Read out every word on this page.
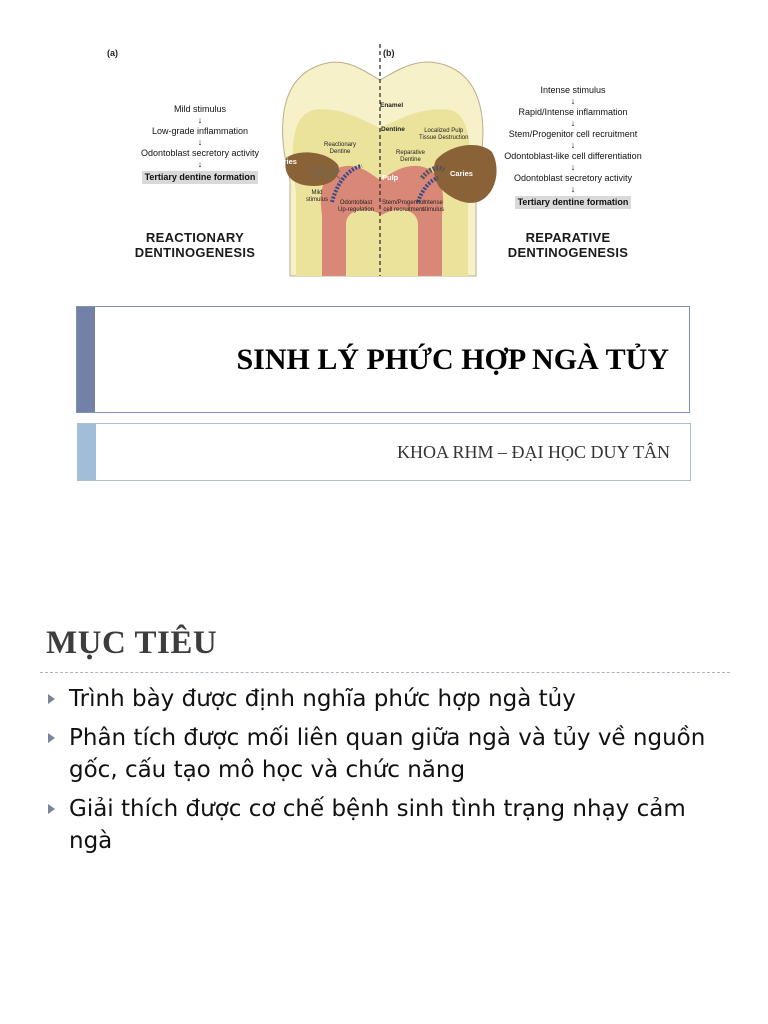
(a)	(b)
Mild stimulus
↓
Low-grade inflammation
↓
Odontoblast secretory activity
↓
Tertiary dentine formation
REACTIONARY
DENTINOGENESIS
Intense stimulus
↓
Rapid/Intense inflammation
↓
Stem/Progenitor cell recruitment
↓
Odontoblast-like cell differentiation
↓
Odontoblast secretory activity
↓
Tertiary dentine formation
REPARATIVE
DENTINOGENESIS
Enamel
Dentine
Pulp
Caries
Caries
Reactionary
Dentine
Localized Pulp
Tissue Destruction
Reparative
Dentine
Mild
stimulus	Odontoblast
Up-regulation
Stem/Progenitor
cell recruitment
Intense
stimulus
SINH LÝ PHỨC HỢP NGÀ TỦY
KHOA RHM – ĐẠI HỌC DUY TÂN
MỤC TIÊU
Trình bày được định nghĩa phức hợp ngà tủy
Phân tích được mối liên quan giữa ngà và tủy về nguồn gốc, cấu tạo mô học và chức năng
Giải thích được cơ chế bệnh sinh tình trạng nhạy cảm ngà
